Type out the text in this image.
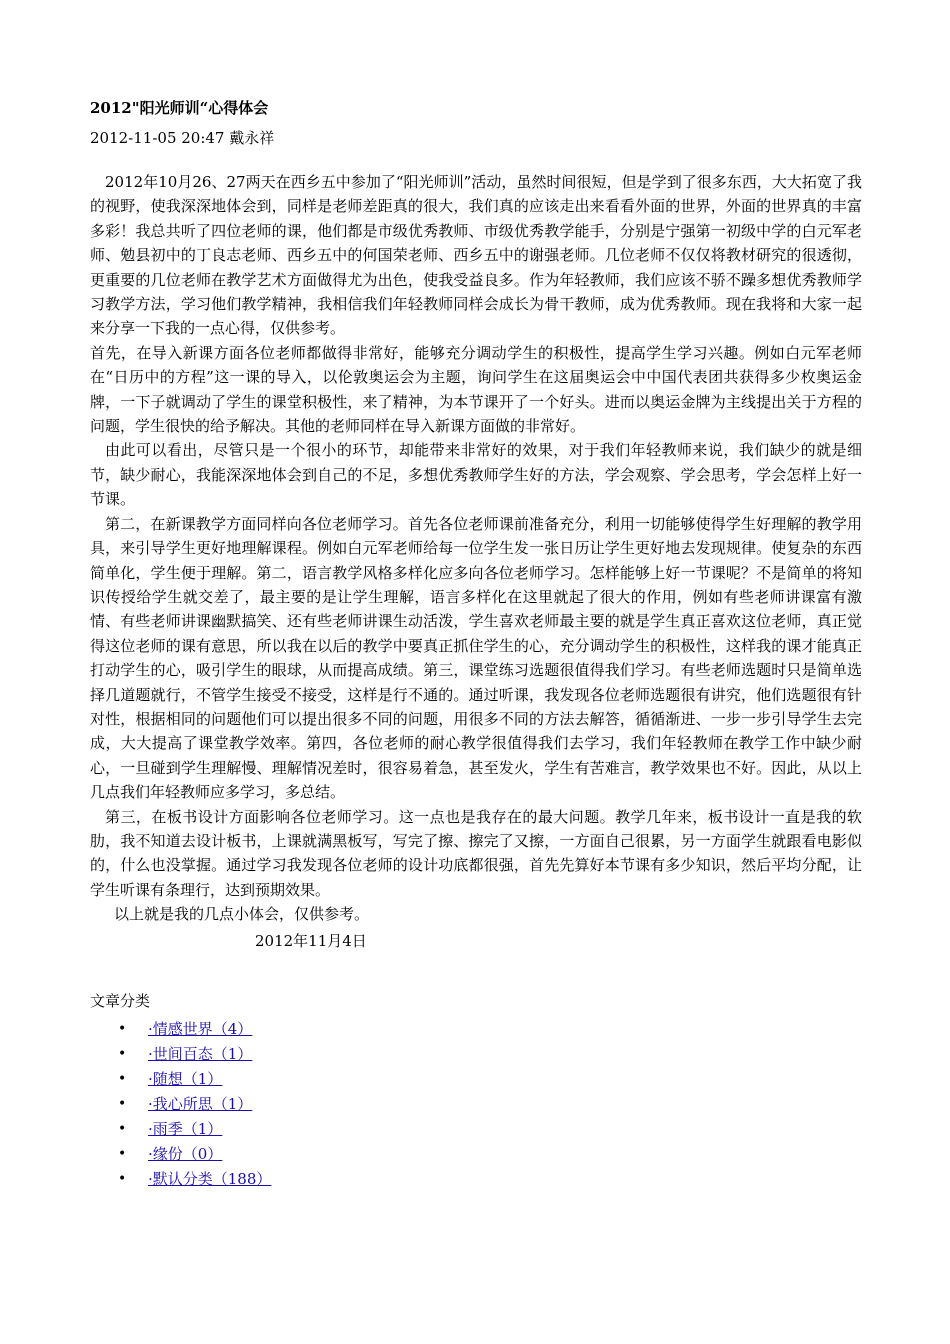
2012"阳光师训“心得体会
2012-11-05 20:47 戴永祥

2012年10月26、27两天在西乡五中参加了“阳光师训”活动，虽然时间很短，但是学到了很多东西，大大拓宽了我的视野，使我深深地体会到，同样是老师差距真的很大，我们真的应该走出来看看外面的世界，外面的世界真的丰富多彩！我总共听了四位老师的课，他们都是市级优秀教师、市级优秀教学能手，分别是宁强第一初级中学的白元军老师、勉县初中的丁良志老师、西乡五中的何国荣老师、西乡五中的谢强老师。几位老师不仅仅将教材研究的很透彻，更重要的几位老师在教学艺术方面做得尤为出色，使我受益良多。作为年轻教师，我们应该不骄不躁多想优秀教师学习教学方法，学习他们教学精神，我相信我们年轻教师同样会成长为骨干教师，成为优秀教师。现在我将和大家一起来分享一下我的一点心得，仅供参考。

首先，在导入新课方面各位老师都做得非常好，能够充分调动学生的积极性，提高学生学习兴趣。例如白元军老师在“日历中的方程”这一课的导入，以伦敦奥运会为主题，询问学生在这届奥运会中中国代表团共获得多少枚奥运金牌，一下子就调动了学生的课堂积极性，来了精神，为本节课开了一个好头。进而以奥运金牌为主线提出关于方程的问题，学生很快的给予解决。其他的老师同样在导入新课方面做的非常好。

由此可以看出，尽管只是一个很小的环节，却能带来非常好的效果，对于我们年轻教师来说，我们缺少的就是细节，缺少耐心，我能深深地体会到自己的不足，多想优秀教师学生好的方法，学会观察、学会思考，学会怎样上好一节课。

第二，在新课教学方面同样向各位老师学习。首先各位老师课前准备充分，利用一切能够使得学生好理解的教学用具，来引导学生更好地理解课程。例如白元军老师给每一位学生发一张日历让学生更好地去发现规律。使复杂的东西简单化，学生便于理解。第二，语言教学风格多样化应多向各位老师学习。怎样能够上好一节课呢？不是简单的将知识传授给学生就交差了，最主要的是让学生理解，语言多样化在这里就起了很大的作用，例如有些老师讲课富有激情、有些老师讲课幽默搞笑、还有些老师讲课生动活泼，学生喜欢老师最主要的就是学生真正喜欢这位老师，真正觉得这位老师的课有意思，所以我在以后的教学中要真正抓住学生的心，充分调动学生的积极性，这样我的课才能真正打动学生的心，吸引学生的眼球，从而提高成绩。第三，课堂练习选题很值得我们学习。有些老师选题时只是简单选择几道题就行，不管学生接受不接受，这样是行不通的。通过听课，我发现各位老师选题很有讲究，他们选题很有针对性，根据相同的问题他们可以提出很多不同的问题，用很多不同的方法去解答，循循渐进、一步一步引导学生去完成，大大提高了课堂教学效率。第四，各位老师的耐心教学很值得我们去学习，我们年轻教师在教学工作中缺少耐心，一旦碰到学生理解慢、理解情况差时，很容易着急，甚至发火，学生有苦难言，教学效果也不好。因此，从以上几点我们年轻教师应多学习，多总结。

第三，在板书设计方面影响各位老师学习。这一点也是我存在的最大问题。教学几年来，板书设计一直是我的软肋，我不知道去设计板书，上课就满黑板写，写完了擦、擦完了又擦，一方面自己很累，另一方面学生就跟看电影似的，什么也没掌握。通过学习我发现各位老师的设计功底都很强，首先先算好本节课有多少知识，然后平均分配，让学生听课有条理行，达到预期效果。

以上就是我的几点小体会，仅供参考。

2012年11月4日
文章分类
• ·情感世界（4）
• ·世间百态（1）
• ·随想（1）
• ·我心所思（1）
• ·雨季（1）
• ·缘份（0）
• ·默认分类（188）
